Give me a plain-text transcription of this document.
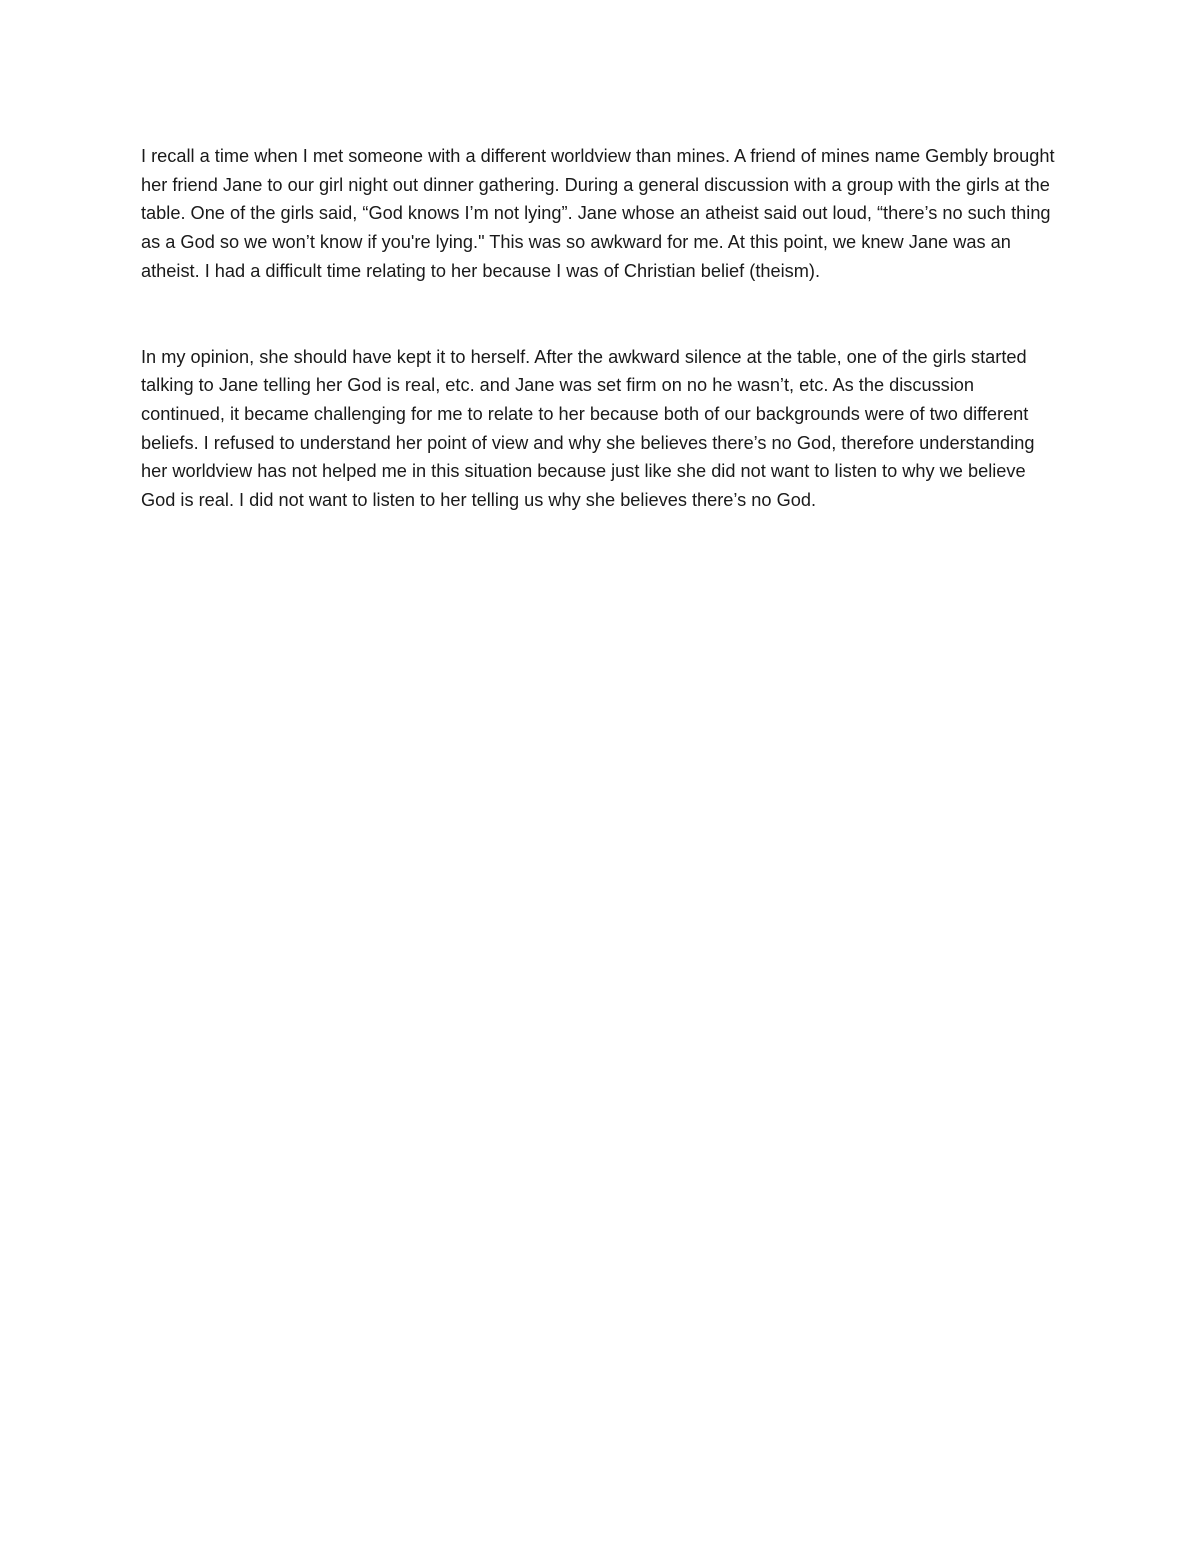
I recall a time when I met someone with a different worldview than mines. A friend of mines name Gembly brought her friend Jane to our girl night out dinner gathering. During a general discussion with a group with the girls at the table. One of the girls said, “God knows I’m not lying”. Jane whose an atheist said out loud, “there’s no such thing as a God so we won’t know if you're lying." This was so awkward for me. At this point, we knew Jane was an atheist. I had a difficult time relating to her because I was of Christian belief (theism).

In my opinion, she should have kept it to herself. After the awkward silence at the table, one of the girls started talking to Jane telling her God is real, etc. and Jane was set firm on no he wasn’t, etc. As the discussion continued, it became challenging for me to relate to her because both of our backgrounds were of two different beliefs. I refused to understand her point of view and why she believes there’s no God, therefore understanding her worldview has not helped me in this situation because just like she did not want to listen to why we believe God is real. I did not want to listen to her telling us why she believes there’s no God.
